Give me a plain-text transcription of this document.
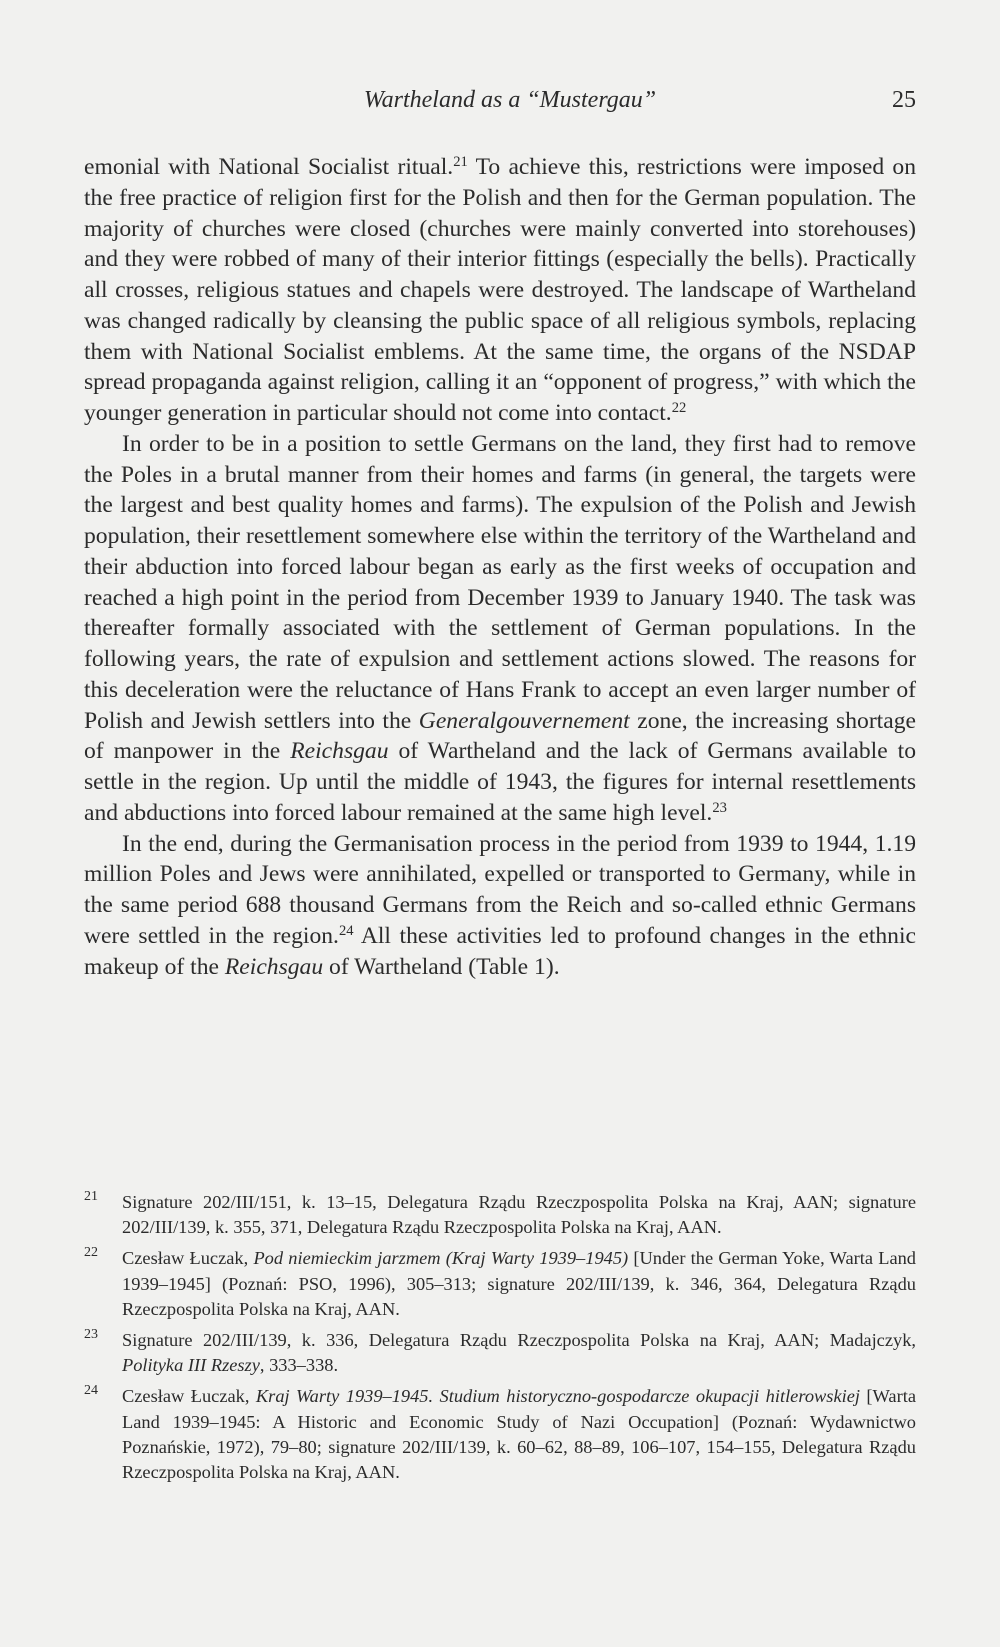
Wartheland as a “Mustergau”	25

emonial with National Socialist ritual.$^{21}$ To achieve this, restrictions were imposed on the free practice of religion first for the Polish and then for the German population. The majority of churches were closed (churches were mainly converted into storehouses) and they were robbed of many of their interior fittings (especially the bells). Practically all crosses, religious statues and chapels were destroyed. The landscape of Wartheland was changed radically by cleansing the public space of all religious symbols, replacing them with National Socialist emblems. At the same time, the organs of the NSDAP spread propaganda against religion, calling it an “opponent of progress,” with which the younger generation in particular should not come into contact.$^{22}$

In order to be in a position to settle Germans on the land, they first had to remove the Poles in a brutal manner from their homes and farms (in general, the targets were the largest and best quality homes and farms). The expulsion of the Polish and Jewish population, their resettlement somewhere else within the territory of the Wartheland and their abduction into forced labour began as early as the first weeks of occupation and reached a high point in the period from December 1939 to January 1940. The task was thereafter formally associated with the settlement of German populations. In the following years, the rate of expulsion and settlement actions slowed. The reasons for this deceleration were the reluctance of Hans Frank to accept an even larger number of Polish and Jewish settlers into the Generalgouvernement zone, the increasing shortage of manpower in the Reichsgau of Wartheland and the lack of Germans available to settle in the region. Up until the middle of 1943, the figures for internal resettlements and abductions into forced labour remained at the same high level.$^{23}$

In the end, during the Germanisation process in the period from 1939 to 1944, 1.19 million Poles and Jews were annihilated, expelled or transported to Germany, while in the same period 688 thousand Germans from the Reich and so-called ethnic Germans were settled in the region.$^{24}$ All these activities led to profound changes in the ethnic makeup of the Reichsgau of Wartheland (Table 1).

21 Signature 202/III/151, k. 13–15, Delegatura Rządu Rzeczpospolita Polska na Kraj, AAN; signature 202/III/139, k. 355, 371, Delegatura Rządu Rzeczpospolita Polska na Kraj, AAN.
22 Czesław Łuczak, Pod niemieckim jarzmem (Kraj Warty 1939–1945) [Under the German Yoke, Warta Land 1939–1945] (Poznań: PSO, 1996), 305–313; signature 202/III/139, k. 346, 364, Delegatura Rządu Rzeczpospolita Polska na Kraj, AAN.
23 Signature 202/III/139, k. 336, Delegatura Rządu Rzeczpospolita Polska na Kraj, AAN; Madajczyk, Polityka III Rzeszy, 333–338.
24 Czesław Łuczak, Kraj Warty 1939–1945. Studium historyczno-gospodarcze okupacji hitlerowskiej [Warta Land 1939–1945: A Historic and Economic Study of Nazi Occupation] (Poznań: Wydawnictwo Poznańskie, 1972), 79–80; signature 202/III/139, k. 60–62, 88–89, 106–107, 154–155, Delegatura Rządu Rzeczpospolita Polska na Kraj, AAN.
